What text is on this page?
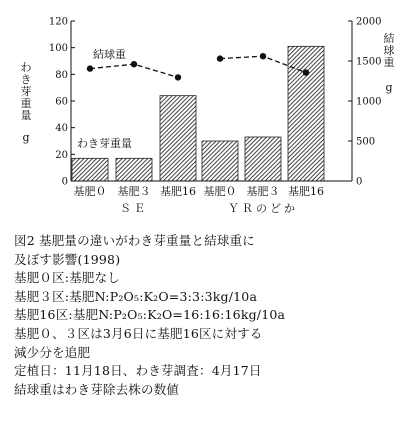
0
20
40
60
80
100
120
0
500
1000
1500
2000
基肥０ 基肥３ 基肥16 基肥０ 基肥３ 基肥16
ＳＥ	ＹＲのどか
結球重
わき芽重量
わき芽重量
g
結球重
g
図2 基肥量の違いがわき芽重量と結球重に
及ぼす影響(1998)
基肥０区:基肥なし
基肥３区:基肥N:P₂O₅:K₂O=3:3:3kg/10a
基肥16区:基肥N:P₂O₅:K₂O=16:16:16kg/10a
基肥０、３区は3月6日に基肥16区に対する
減少分を追肥
定植日：11月18日、わき芽調査：4月17日
結球重はわき芽除去株の数値
